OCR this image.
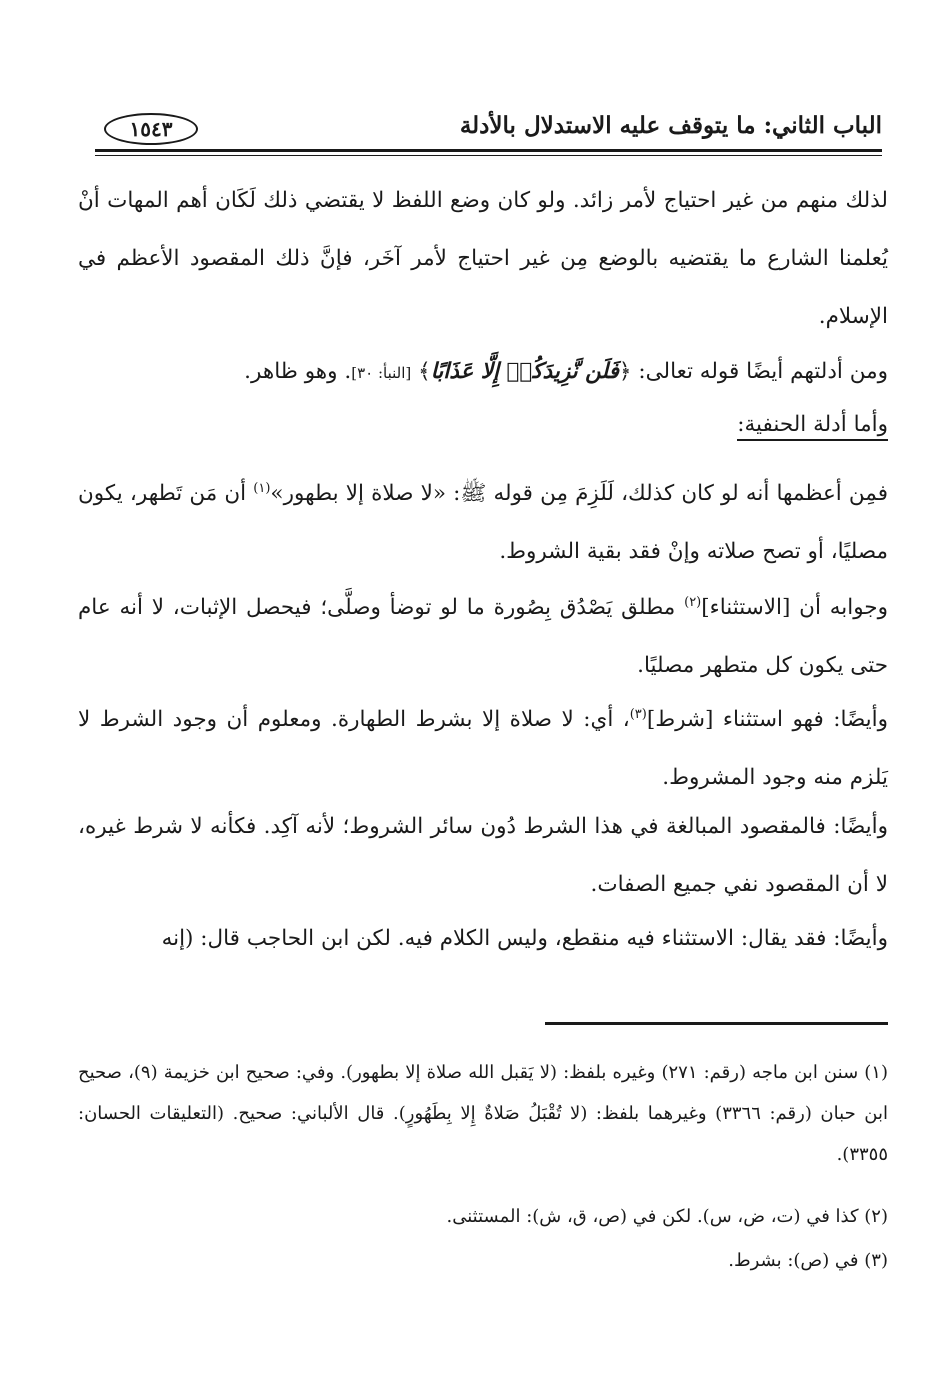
الباب الثاني: ما يتوقف عليه الاستدلال بالأدلة
١٥٤٣
لذلك منهم من غير احتياج لأمر زائد. ولو كان وضع اللفظ لا يقتضي ذلك لَكَان أهم المهات أنْ يُعلمنا الشارع ما يقتضيه بالوضع مِن غير احتياج لأمر آخَر، فإنَّ ذلك المقصود الأعظم في الإسلام.
ومن أدلتهم أيضًا قوله تعالى: ﴿فَلَن نَّزِيدَكُمۡ إِلَّا عَذَابًا﴾ [النبأ: ٣٠]. وهو ظاهر.
وأما أدلة الحنفية:
فمِن أعظمها أنه لو كان كذلك، لَلَزِمَ مِن قوله ﷺ: «لا صلاة إلا بطهور»$^{(١)}$ أن مَن تَطهر، يكون مصليًا، أو تصح صلاته وإنْ فقد بقية الشروط.
وجوابه أن [الاستثناء]$^{(٢)}$ مطلق يَصْدُق بِصُورة ما لو توضأ وصلَّى؛ فيحصل الإثبات، لا أنه عام حتى يكون كل متطهر مصليًا.
وأيضًا: فهو استثناء [شرط]$^{(٣)}$، أي: لا صلاة إلا بشرط الطهارة. ومعلوم أن وجود الشرط لا يَلزم منه وجود المشروط.
وأيضًا: فالمقصود المبالغة في هذا الشرط دُون سائر الشروط؛ لأنه آكِد. فكأنه لا شرط غيره، لا أن المقصود نفي جميع الصفات.
وأيضًا: فقد يقال: الاستثناء فيه منقطع، وليس الكلام فيه. لكن ابن الحاجب قال: (إنه
(١) سنن ابن ماجه (رقم: ٢٧١) وغيره بلفظ: (لا يَقبل الله صلاة إلا بطهور). وفي: صحيح ابن خزيمة (٩)، صحيح ابن حبان (رقم: ٣٣٦٦) وغيرهما بلفظ: (لا تُقْبَلُ صَلاةٌ إِلا بِطَهُورٍ). قال الألباني: صحيح. (التعليقات الحسان: ٣٣٥٥).
(٢) كذا في (ت، ض، س). لكن في (ص، ق، ش): المستثنى.
(٣) في (ص): بشرط.
